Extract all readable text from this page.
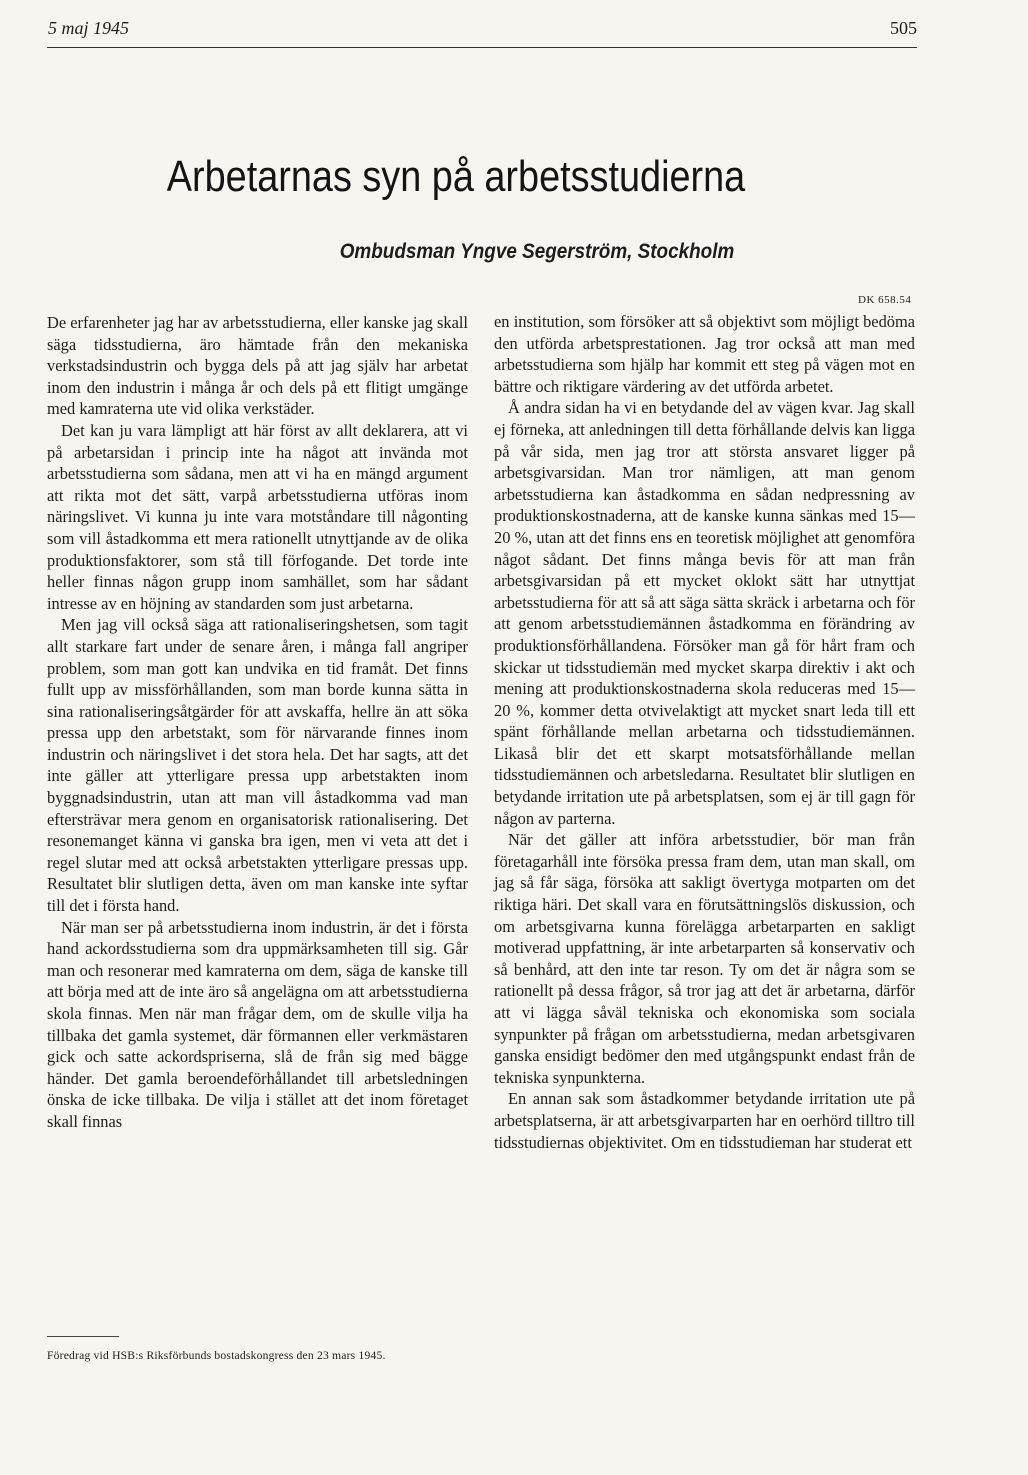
5 maj 1945	505
Arbetarnas syn på arbetsstudierna
Ombudsman Yngve Segerström, Stockholm
DK 658.54

De erfarenheter jag har av arbetsstudierna, eller kanske jag skall säga tidsstudierna, äro hämtade från den mekaniska verkstadsindustrin och bygga dels på att jag själv har arbetat inom den industrin i många år och dels på ett flitigt umgänge med kamraterna ute vid olika verkstäder.

Det kan ju vara lämpligt att här först av allt deklarera, att vi på arbetarsidan i princip inte ha något att invända mot arbetsstudierna som sådana, men att vi ha en mängd argument att rikta mot det sätt, varpå arbetsstudierna utföras inom näringslivet. Vi kunna ju inte vara motståndare till någonting som vill åstadkomma ett mera rationellt utnyttjande av de olika produktionsfaktorer, som stå till förfogande. Det torde inte heller finnas någon grupp inom samhället, som har sådant intresse av en höjning av standarden som just arbetarna.

Men jag vill också säga att rationaliseringshetsen, som tagit allt starkare fart under de senare åren, i många fall angriper problem, som man gott kan undvika en tid framåt. Det finns fullt upp av missförhållanden, som man borde kunna sätta in sina rationaliseringsåtgärder för att avskaffa, hellre än att söka pressa upp den arbetstakt, som för närvarande finnes inom industrin och näringslivet i det stora hela. Det har sagts, att det inte gäller att ytterligare pressa upp arbetstakten inom byggnadsindustrin, utan att man vill åstadkomma vad man eftersträvar mera genom en organisatorisk rationalisering. Det resonemanget känna vi ganska bra igen, men vi veta att det i regel slutar med att också arbetstakten ytterligare pressas upp. Resultatet blir slutligen detta, även om man kanske inte syftar till det i första hand.

När man ser på arbetsstudierna inom industrin, är det i första hand ackordsstudierna som dra uppmärksamheten till sig. Går man och resonerar med kamraterna om dem, säga de kanske till att börja med att de inte äro så angelägna om att arbetsstudierna skola finnas. Men när man frågar dem, om de skulle vilja ha tillbaka det gamla systemet, där förmannen eller verkmästaren gick och satte ackordspriserna, slå de från sig med bägge händer. Det gamla beroendeförhållandet till arbetsledningen önska de icke tillbaka. De vilja i stället att det inom företaget skall finnas

en institution, som försöker att så objektivt som möjligt bedöma den utförda arbetsprestationen. Jag tror också att man med arbetsstudierna som hjälp har kommit ett steg på vägen mot en bättre och riktigare värdering av det utförda arbetet.

Å andra sidan ha vi en betydande del av vägen kvar. Jag skall ej förneka, att anledningen till detta förhållande delvis kan ligga på vår sida, men jag tror att största ansvaret ligger på arbetsgivarsidan. Man tror nämligen, att man genom arbetsstudierna kan åstadkomma en sådan nedpressning av produktionskostnaderna, att de kanske kunna sänkas med 15—20 %, utan att det finns ens en teoretisk möjlighet att genomföra något sådant. Det finns många bevis för att man från arbetsgivarsidan på ett mycket oklokt sätt har utnyttjat arbetsstudierna för att så att säga sätta skräck i arbetarna och för att genom arbetsstudiemännen åstadkomma en förändring av produktionsförhållandena. Försöker man gå för hårt fram och skickar ut tidsstudiemän med mycket skarpa direktiv i akt och mening att produktionskostnaderna skola reduceras med 15—20 %, kommer detta otvivelaktigt att mycket snart leda till ett spänt förhållande mellan arbetarna och tidsstudiemännen. Likaså blir det ett skarpt motsatsförhållande mellan tidsstudiemännen och arbetsledarna. Resultatet blir slutligen en betydande irritation ute på arbetsplatsen, som ej är till gagn för någon av parterna.

När det gäller att införa arbetsstudier, bör man från företagarhåll inte försöka pressa fram dem, utan man skall, om jag så får säga, försöka att sakligt övertyga motparten om det riktiga häri. Det skall vara en förutsättningslös diskussion, och om arbetsgivarna kunna förelägga arbetarparten en sakligt motiverad uppfattning, är inte arbetarparten så konservativ och så benhård, att den inte tar reson. Ty om det är några som se rationellt på dessa frågor, så tror jag att det är arbetarna, därför att vi lägga såväl tekniska och ekonomiska som sociala synpunkter på frågan om arbetsstudierna, medan arbetsgivaren ganska ensidigt bedömer den med utgångspunkt endast från de tekniska synpunkterna.

En annan sak som åstadkommer betydande irritation ute på arbetsplatserna, är att arbetsgivarparten har en oerhörd tilltro till tidsstudiernas objektivitet. Om en tidsstudieman har studerat ett

Föredrag vid HSB:s Riksförbunds bostadskongress den 23 mars 1945.
